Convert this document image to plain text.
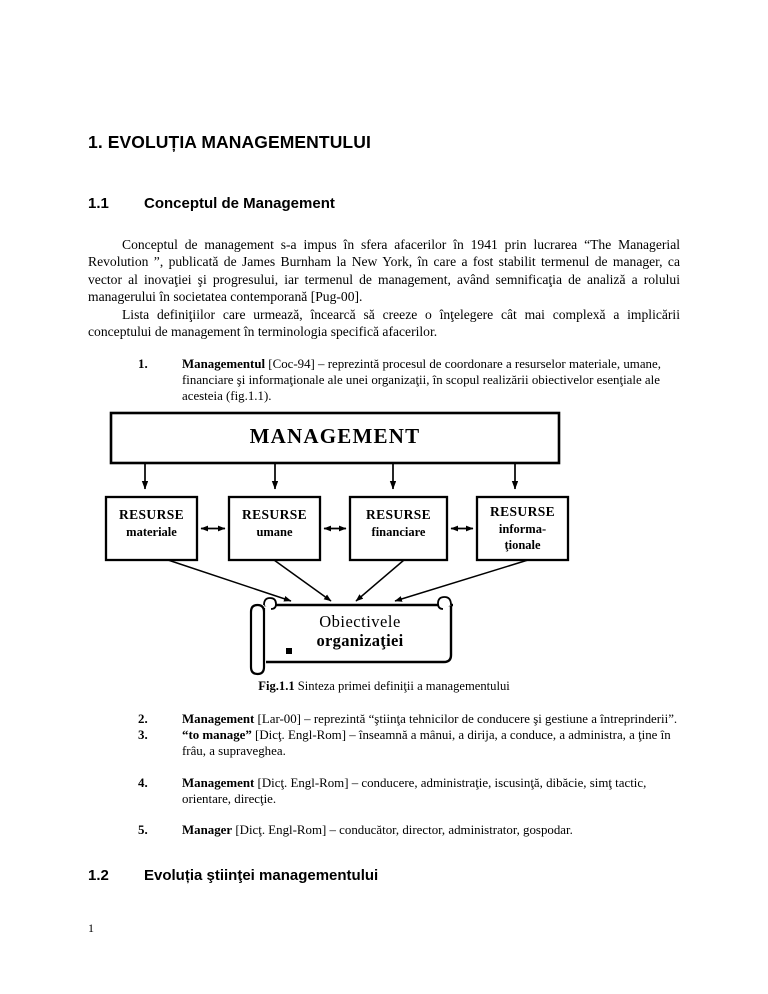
1. EVOLUȚIA MANAGEMENTULUI
1.1	Conceptul de Management

Conceptul de management s-a impus în sfera afacerilor în 1941 prin lucrarea “The Managerial Revolution ”, publicată de James Burnham la New York, în care a fost stabilit termenul de manager, ca vector al inovaţiei şi progresului, iar termenul de management, având semnificaţia de analiză a rolului managerului în societatea contemporană [Pug-00].

Lista definiţiilor care urmează, încearcă să creeze o înţelegere cât mai complexă a implicării conceptului de management în terminologia specifică afacerilor.

1.	Managementul [Coc-94] – reprezintă procesul de coordonare a resurselor materiale, umane, financiare şi informaţionale ale unei organizaţii, în scopul realizării obiectivelor esenţiale ale acesteia (fig.1.1).
MANAGEMENT
RESURSE
materiale
RESURSE
umane
RESURSE
financiare
RESURSE
informa-
ţionale
Obiectivele
organizaţiei
Fig.1.1 Sinteza primei definiţii a managementului
2.	Management [Lar-00] – reprezintă “ştiinţa tehnicilor de conducere şi gestiune a întreprinderii”.
3.	“to manage” [Dicţ. Engl-Rom] – înseamnă a mânui, a dirija, a conduce, a administra, a ţine în frâu, a supraveghea.
4.	Management [Dicţ. Engl-Rom] – conducere, administraţie, iscusinţă, dibăcie, simţ tactic, orientare, direcţie.
5.	Manager [Dicţ. Engl-Rom] – conducător, director, administrator, gospodar.
1.2	Evoluția ştiinţei managementului
1
